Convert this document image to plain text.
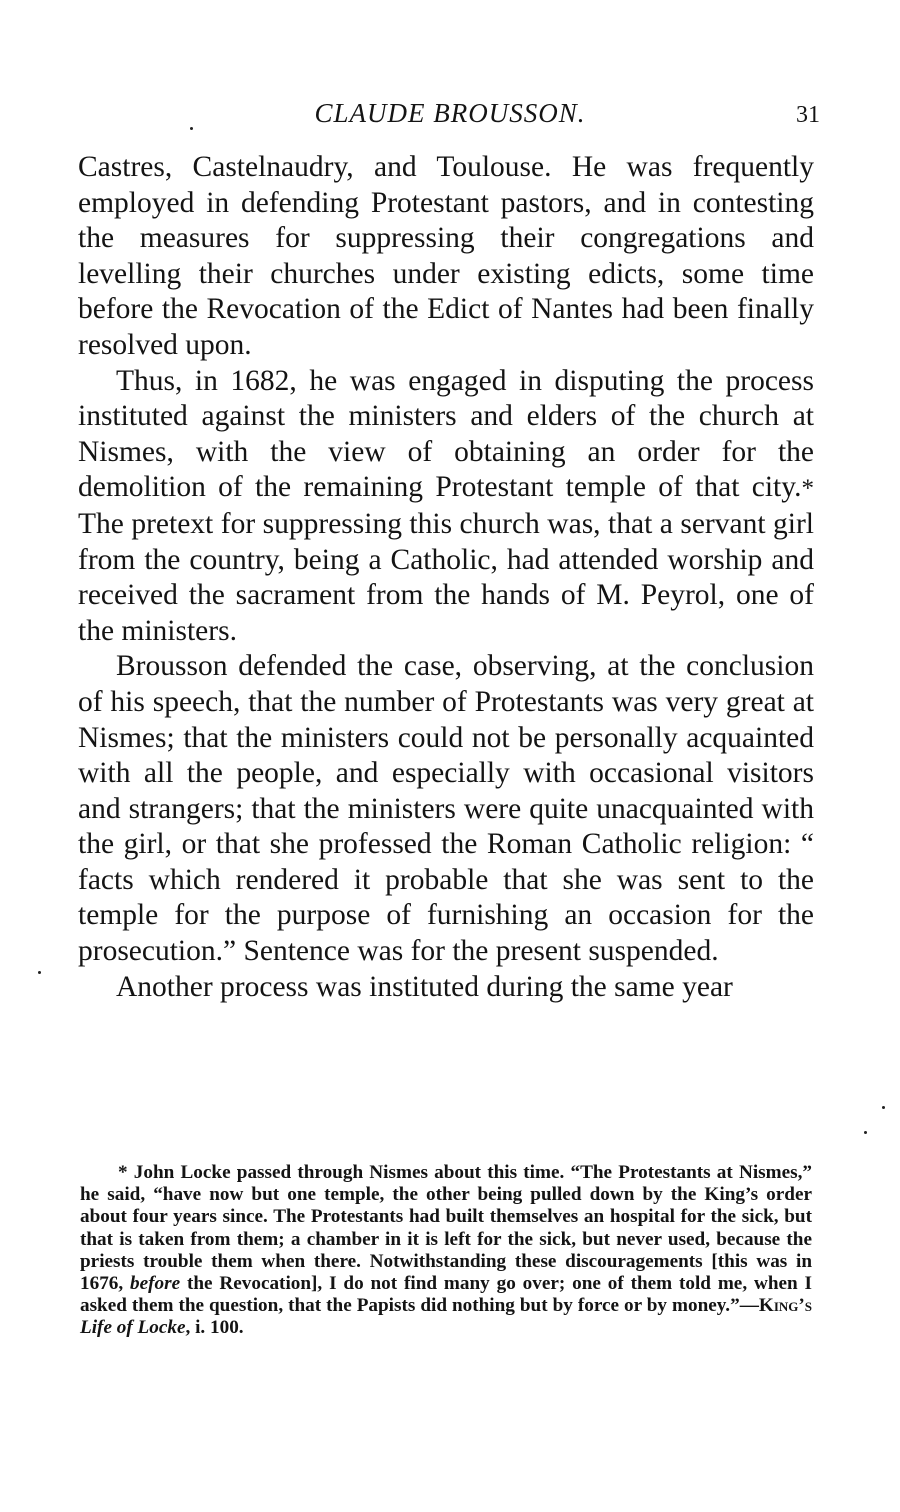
CLAUDE BROUSSON.	31

Castres, Castelnaudry, and Toulouse. He was frequently employed in defending Protestant pastors, and in contesting the measures for suppressing their congregations and levelling their churches under existing edicts, some time before the Revocation of the Edict of Nantes had been finally resolved upon.

Thus, in 1682, he was engaged in disputing the process instituted against the ministers and elders of the church at Nismes, with the view of obtaining an order for the demolition of the remaining Protestant temple of that city.* The pretext for suppressing this church was, that a servant girl from the country, being a Catholic, had attended worship and received the sacrament from the hands of M. Peyrol, one of the ministers.

Brousson defended the case, observing, at the conclusion of his speech, that the number of Protestants was very great at Nismes; that the ministers could not be personally acquainted with all the people, and especially with occasional visitors and strangers; that the ministers were quite unacquainted with the girl, or that she professed the Roman Catholic religion: “ facts which rendered it probable that she was sent to the temple for the purpose of furnishing an occasion for the prosecution.” Sentence was for the present suspended.

Another process was instituted during the same year

* John Locke passed through Nismes about this time. “The Protestants at Nismes,” he said, “have now but one temple, the other being pulled down by the King’s order about four years since. The Protestants had built themselves an hospital for the sick, but that is taken from them; a chamber in it is left for the sick, but never used, because the priests trouble them when there. Notwithstanding these discouragements [this was in 1676, before the Revocation], I do not find many go over; one of them told me, when I asked them the question, that the Papists did nothing but by force or by money.”—King’s Life of Locke, i. 100.
